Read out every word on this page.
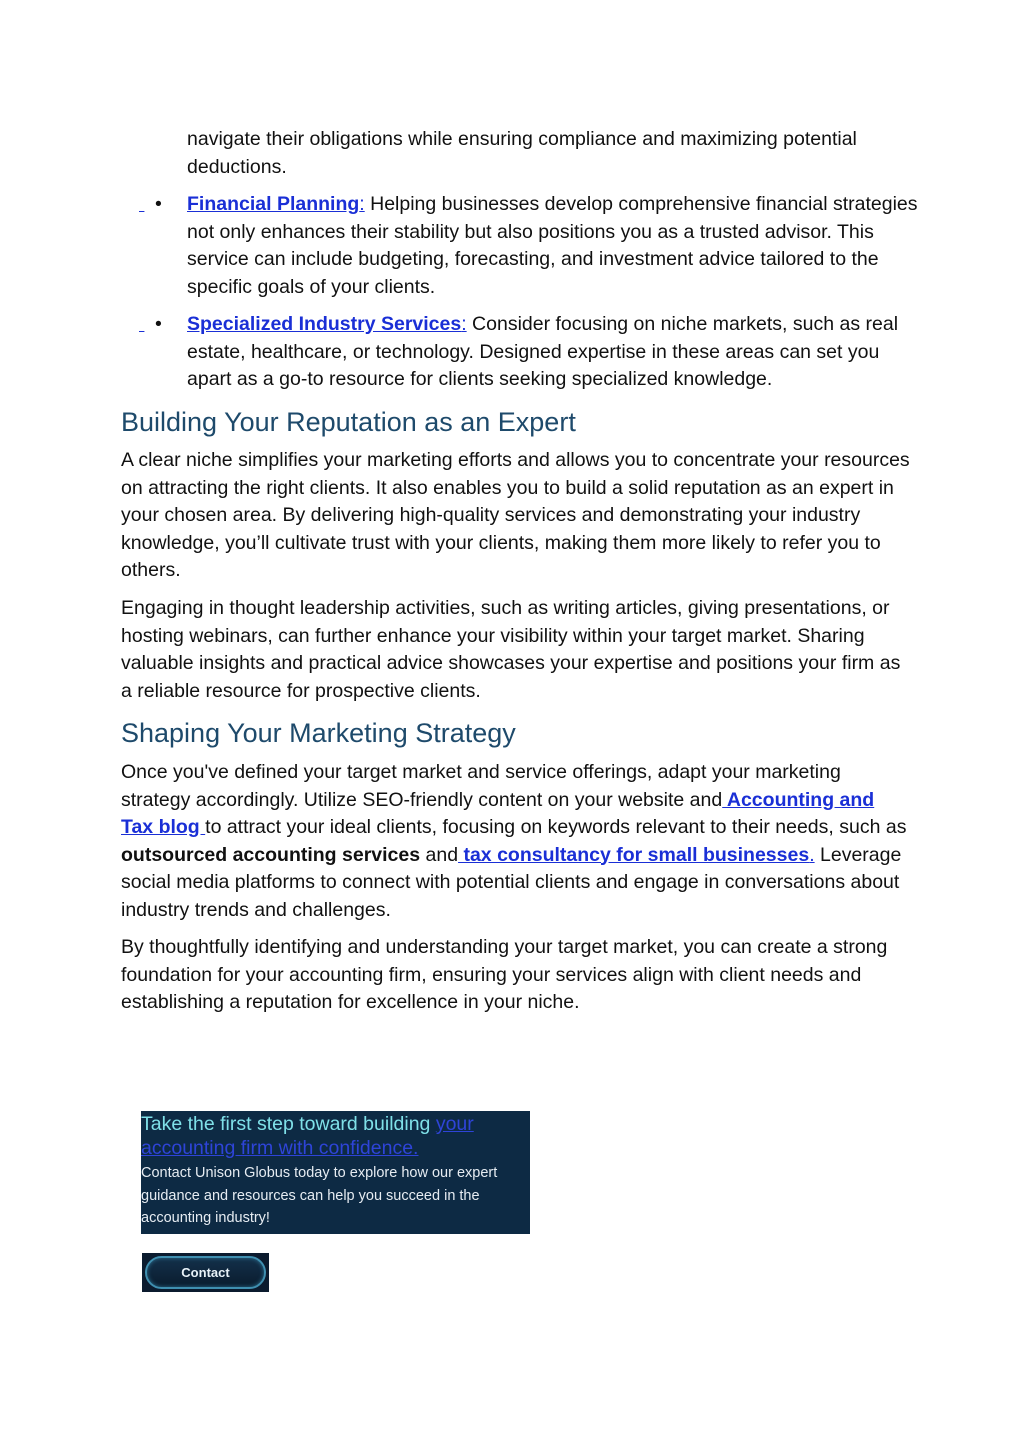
navigate their obligations while ensuring compliance and maximizing potential deductions.

• Financial Planning: Helping businesses develop comprehensive financial strategies not only enhances their stability but also positions you as a trusted advisor. This service can include budgeting, forecasting, and investment advice tailored to the specific goals of your clients.

• Specialized Industry Services: Consider focusing on niche markets, such as real estate, healthcare, or technology. Designed expertise in these areas can set you apart as a go-to resource for clients seeking specialized knowledge.

Building Your Reputation as an Expert

A clear niche simplifies your marketing efforts and allows you to concentrate your resources on attracting the right clients. It also enables you to build a solid reputation as an expert in your chosen area. By delivering high-quality services and demonstrating your industry knowledge, you’ll cultivate trust with your clients, making them more likely to refer you to others.

Engaging in thought leadership activities, such as writing articles, giving presentations, or hosting webinars, can further enhance your visibility within your target market. Sharing valuable insights and practical advice showcases your expertise and positions your firm as a reliable resource for prospective clients.

Shaping Your Marketing Strategy

Once you've defined your target market and service offerings, adapt your marketing strategy accordingly. Utilize SEO-friendly content on your website and Accounting and Tax blog to attract your ideal clients, focusing on keywords relevant to their needs, such as outsourced accounting services and tax consultancy for small businesses. Leverage social media platforms to connect with potential clients and engage in conversations about industry trends and challenges.

By thoughtfully identifying and understanding your target market, you can create a strong foundation for your accounting firm, ensuring your services align with client needs and establishing a reputation for excellence in your niche.

Take the first step toward building your accounting firm with confidence.

Contact Unison Globus today to explore how our expert guidance and resources can help you succeed in the accounting industry!

Contact
